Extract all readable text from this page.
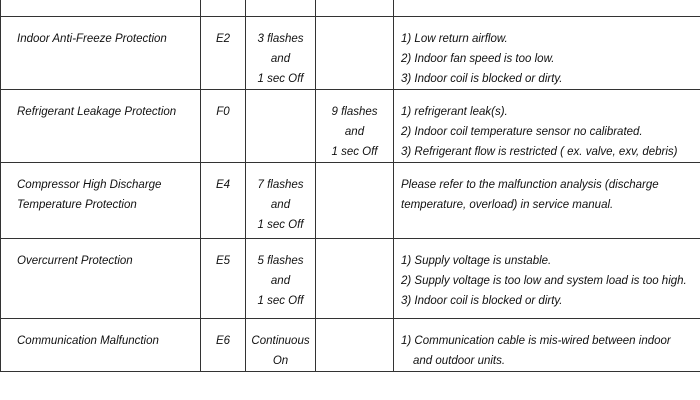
Indoor Anti-Freeze Protection	E2	3 flashes
and
1 sec Off		1) Low return airflow.
2) Indoor fan speed is too low.
3) Indoor coil is blocked or dirty.

Refrigerant Leakage Protection	F0		9 flashes
and
1 sec Off	1) refrigerant leak(s).
2) Indoor coil temperature sensor no calibrated.
3) Refrigerant flow is restricted ( ex. valve, exv, debris)

Compressor High Discharge
Temperature Protection	E4	7 flashes
and
1 sec Off		Please refer to the malfunction analysis (discharge
temperature, overload) in service manual.

Overcurrent Protection	E5	5 flashes
and
1 sec Off		1) Supply voltage is unstable.
2) Supply voltage is too low and system load is too high.
3) Indoor coil is blocked or dirty.

Communication Malfunction	E6	Continuous
On		1) Communication cable is mis-wired between indoor
and outdoor units.
